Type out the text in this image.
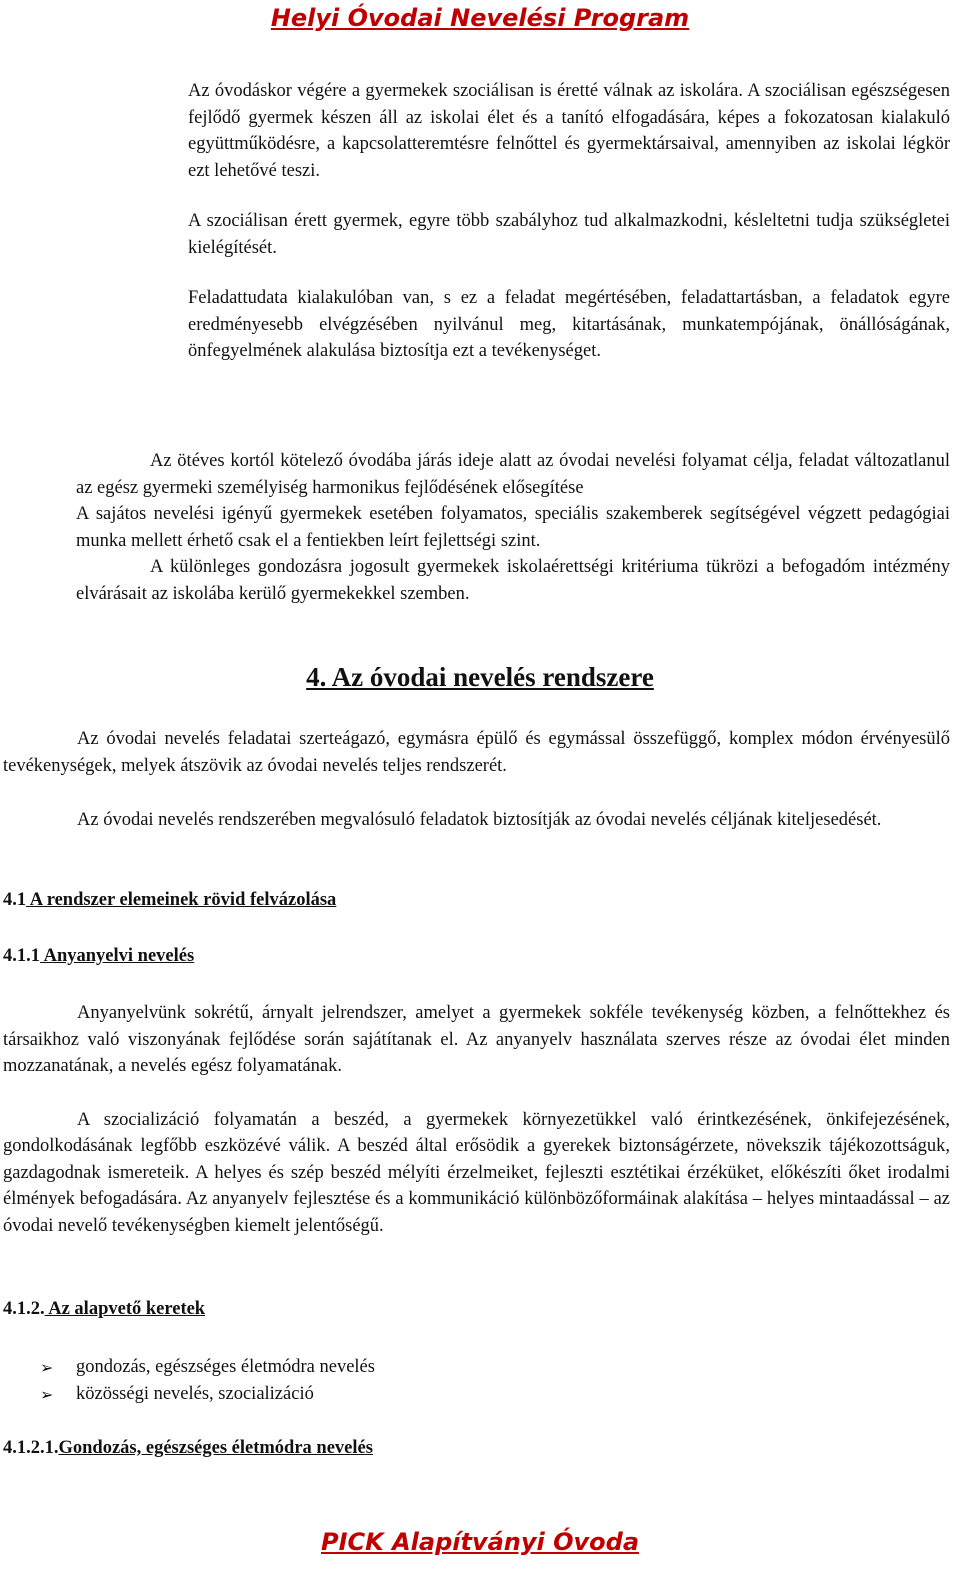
Helyi Óvodai Nevelési Program

Az óvodáskor végére a gyermekek szociálisan is éretté válnak az iskolára. A szociálisan egészségesen fejlődő gyermek készen áll az iskolai élet és a tanító elfogadására, képes a fokozatosan kialakuló együttműködésre, a kapcsolatteremtésre felnőttel és gyermektársaival, amennyiben az iskolai légkör ezt lehetővé teszi.

A szociálisan érett gyermek, egyre több szabályhoz tud alkalmazkodni, késleltetni tudja szükségletei kielégítését.

Feladattudata kialakulóban van, s ez a feladat megértésében, feladattartásban, a feladatok egyre eredményesebb elvégzésében nyilvánul meg, kitartásának, munkatempójának, önállóságának, önfegyelmének alakulása biztosítja ezt a tevékenységet.

Az ötéves kortól kötelező óvodába járás ideje alatt az óvodai nevelési folyamat célja, feladat változatlanul az egész gyermeki személyiség harmonikus fejlődésének elősegítése

A sajátos nevelési igényű gyermekek esetében folyamatos, speciális szakemberek segítségével végzett pedagógiai munka mellett érhető csak el a fentiekben leírt fejlettségi szint.

A különleges gondozásra jogosult gyermekek iskolaérettségi kritériuma tükrözi a befogadóm intézmény elvárásait az iskolába kerülő gyermekekkel szemben.

4. Az óvodai nevelés rendszere

Az óvodai nevelés feladatai szerteágazó, egymásra épülő és egymással összefüggő, komplex módon érvényesülő tevékenységek, melyek átszövik az óvodai nevelés teljes rendszerét.

Az óvodai nevelés rendszerében megvalósuló feladatok biztosítják az óvodai nevelés céljának kiteljesedését.

4.1 A rendszer elemeinek rövid felvázolása
4.1.1 Anyanyelvi nevelés

Anyanyelvünk sokrétű, árnyalt jelrendszer, amelyet a gyermekek sokféle tevékenység közben, a felnőttekhez és társaikhoz való viszonyának fejlődése során sajátítanak el. Az anyanyelv használata szerves része az óvodai élet minden mozzanatának, a nevelés egész folyamatának.

A szocializáció folyamatán a beszéd, a gyermekek környezetükkel való érintkezésének, önkifejezésének, gondolkodásának legfőbb eszközévé válik. A beszéd által erősödik a gyerekek biztonságérzete, növekszik tájékozottságuk, gazdagodnak ismereteik. A helyes és szép beszéd mélyíti érzelmeiket, fejleszti esztétikai érzéküket, előkészíti őket irodalmi élmények befogadására. Az anyanyelv fejlesztése és a kommunikáció különbözőformáinak alakítása – helyes mintaadással – az óvodai nevelő tevékenységben kiemelt jelentőségű.

4.1.2. Az alapvető keretek
➢	gondozás, egészséges életmódra nevelés
➢	közösségi nevelés, szocializáció
4.1.2.1.Gondozás, egészséges életmódra nevelés
PICK Alapítványi Óvoda
